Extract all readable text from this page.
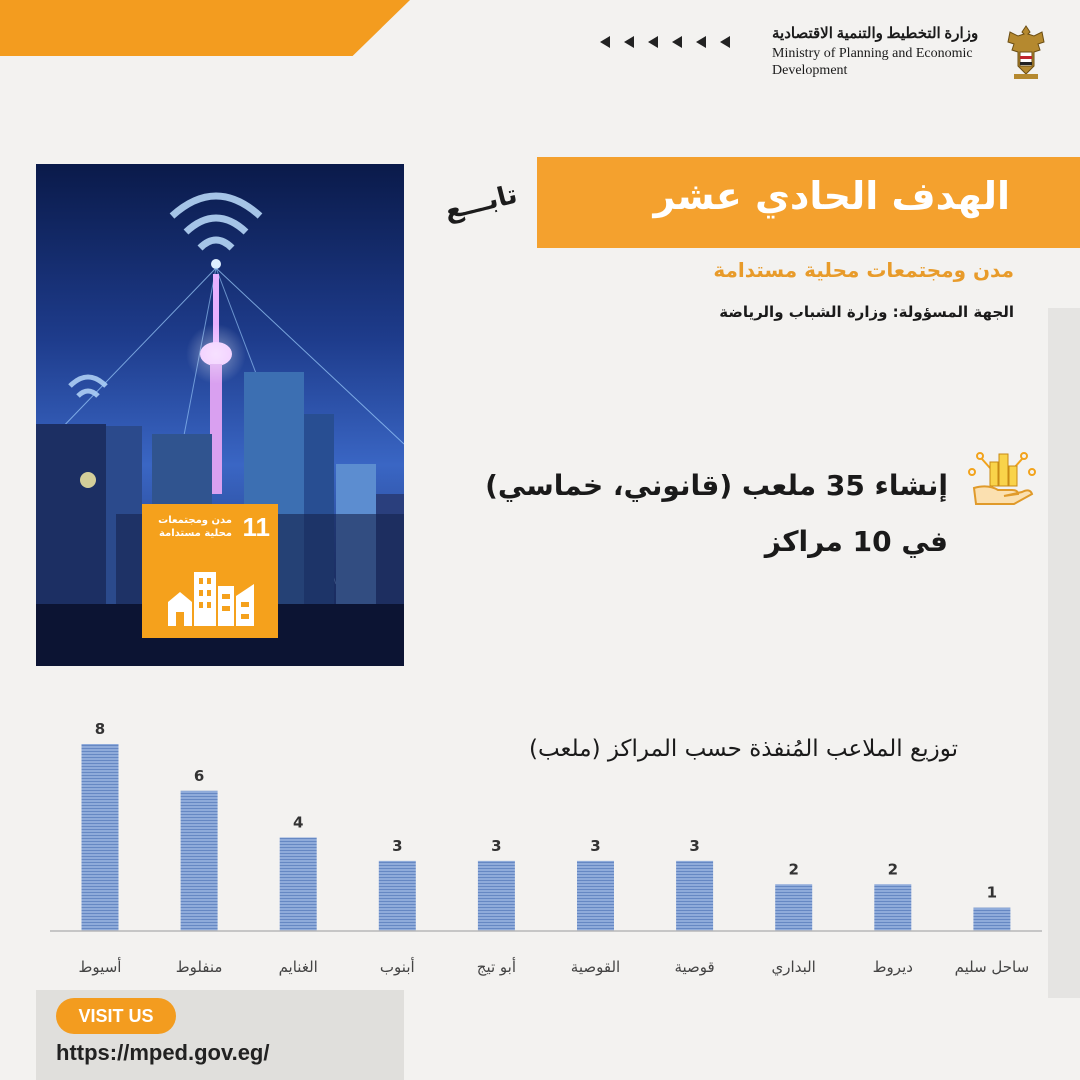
وزارة التخطيط والتنمية الاقتصادية
Ministry of Planning and Economic
Development
11
مدن ومجتمعات محلية مستدامة
الهدف الحادي عشر
تابـــع
مدن ومجتمعات محلية مستدامة
الجهة المسؤولة: وزارة الشباب والرياضة
إنشاء 35 ملعب (قانوني، خماسي) في 10 مراكز
توزيع الملاعب المُنفذة حسب المراكز (ملعب)
8
أسيوط
6
منفلوط
4
الغنايم
3
أبنوب
3
أبو تيج
3
القوصية
3
قوصية
2
البداري
2
ديروط
1
ساحل سليم
VISIT US
https://mped.gov.eg/
